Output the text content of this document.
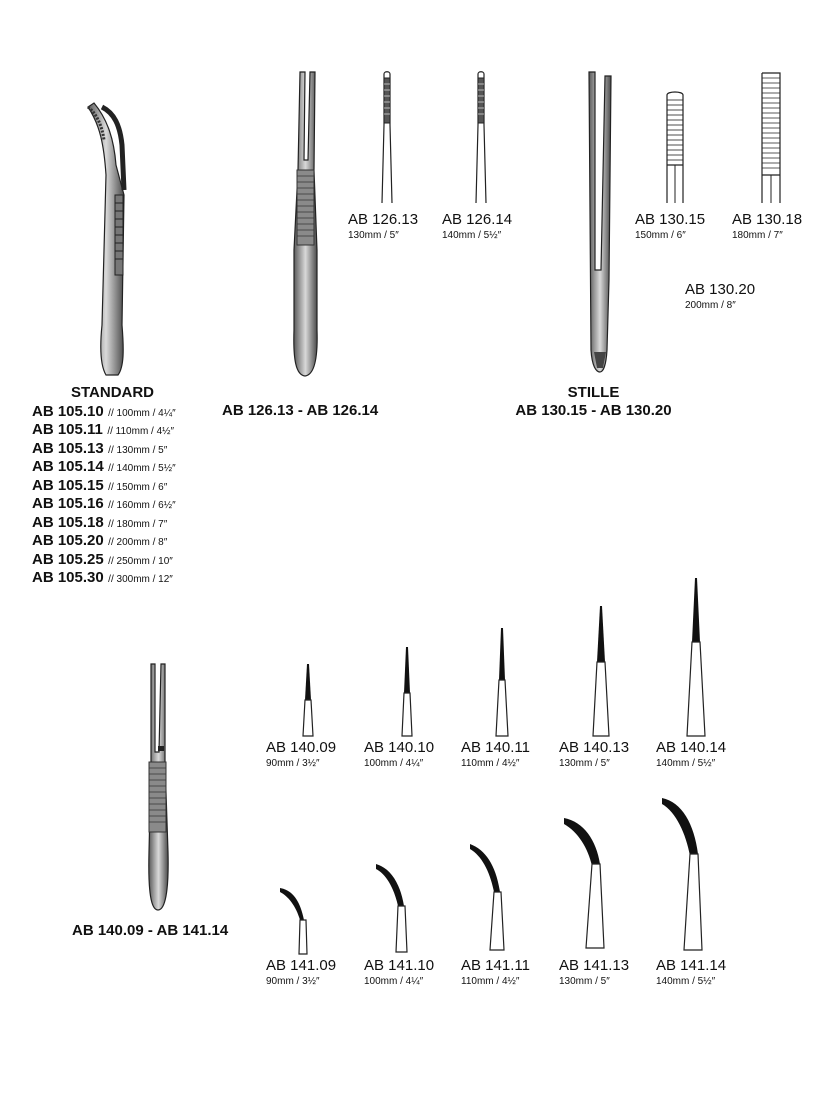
STANDARD
AB 105.10 // 100mm / 4¼″
AB 105.11 // 110mm / 4½″
AB 105.13 // 130mm / 5″
AB 105.14 // 140mm / 5½″
AB 105.15 // 150mm / 6″
AB 105.16 // 160mm / 6½″
AB 105.18 // 180mm / 7″
AB 105.20 // 200mm / 8″
AB 105.25 // 250mm / 10″
AB 105.30 // 300mm / 12″
AB 126.13
130mm / 5″
AB 126.14
140mm / 5½″
AB 126.13 - AB 126.14
AB 130.15
150mm / 6″
AB 130.18
180mm / 7″
AB 130.20
200mm / 8″
STILLE
AB 130.15 - AB 130.20
AB 140.09 - AB 141.14
AB 140.09
90mm / 3½″
AB 140.10
100mm / 4¼″
AB 140.11
110mm / 4½″
AB 140.13
130mm / 5″
AB 140.14
140mm / 5½″
AB 141.09
90mm / 3½″
AB 141.10
100mm / 4¼″
AB 141.11
110mm / 4½″
AB 141.13
130mm / 5″
AB 141.14
140mm / 5½″
